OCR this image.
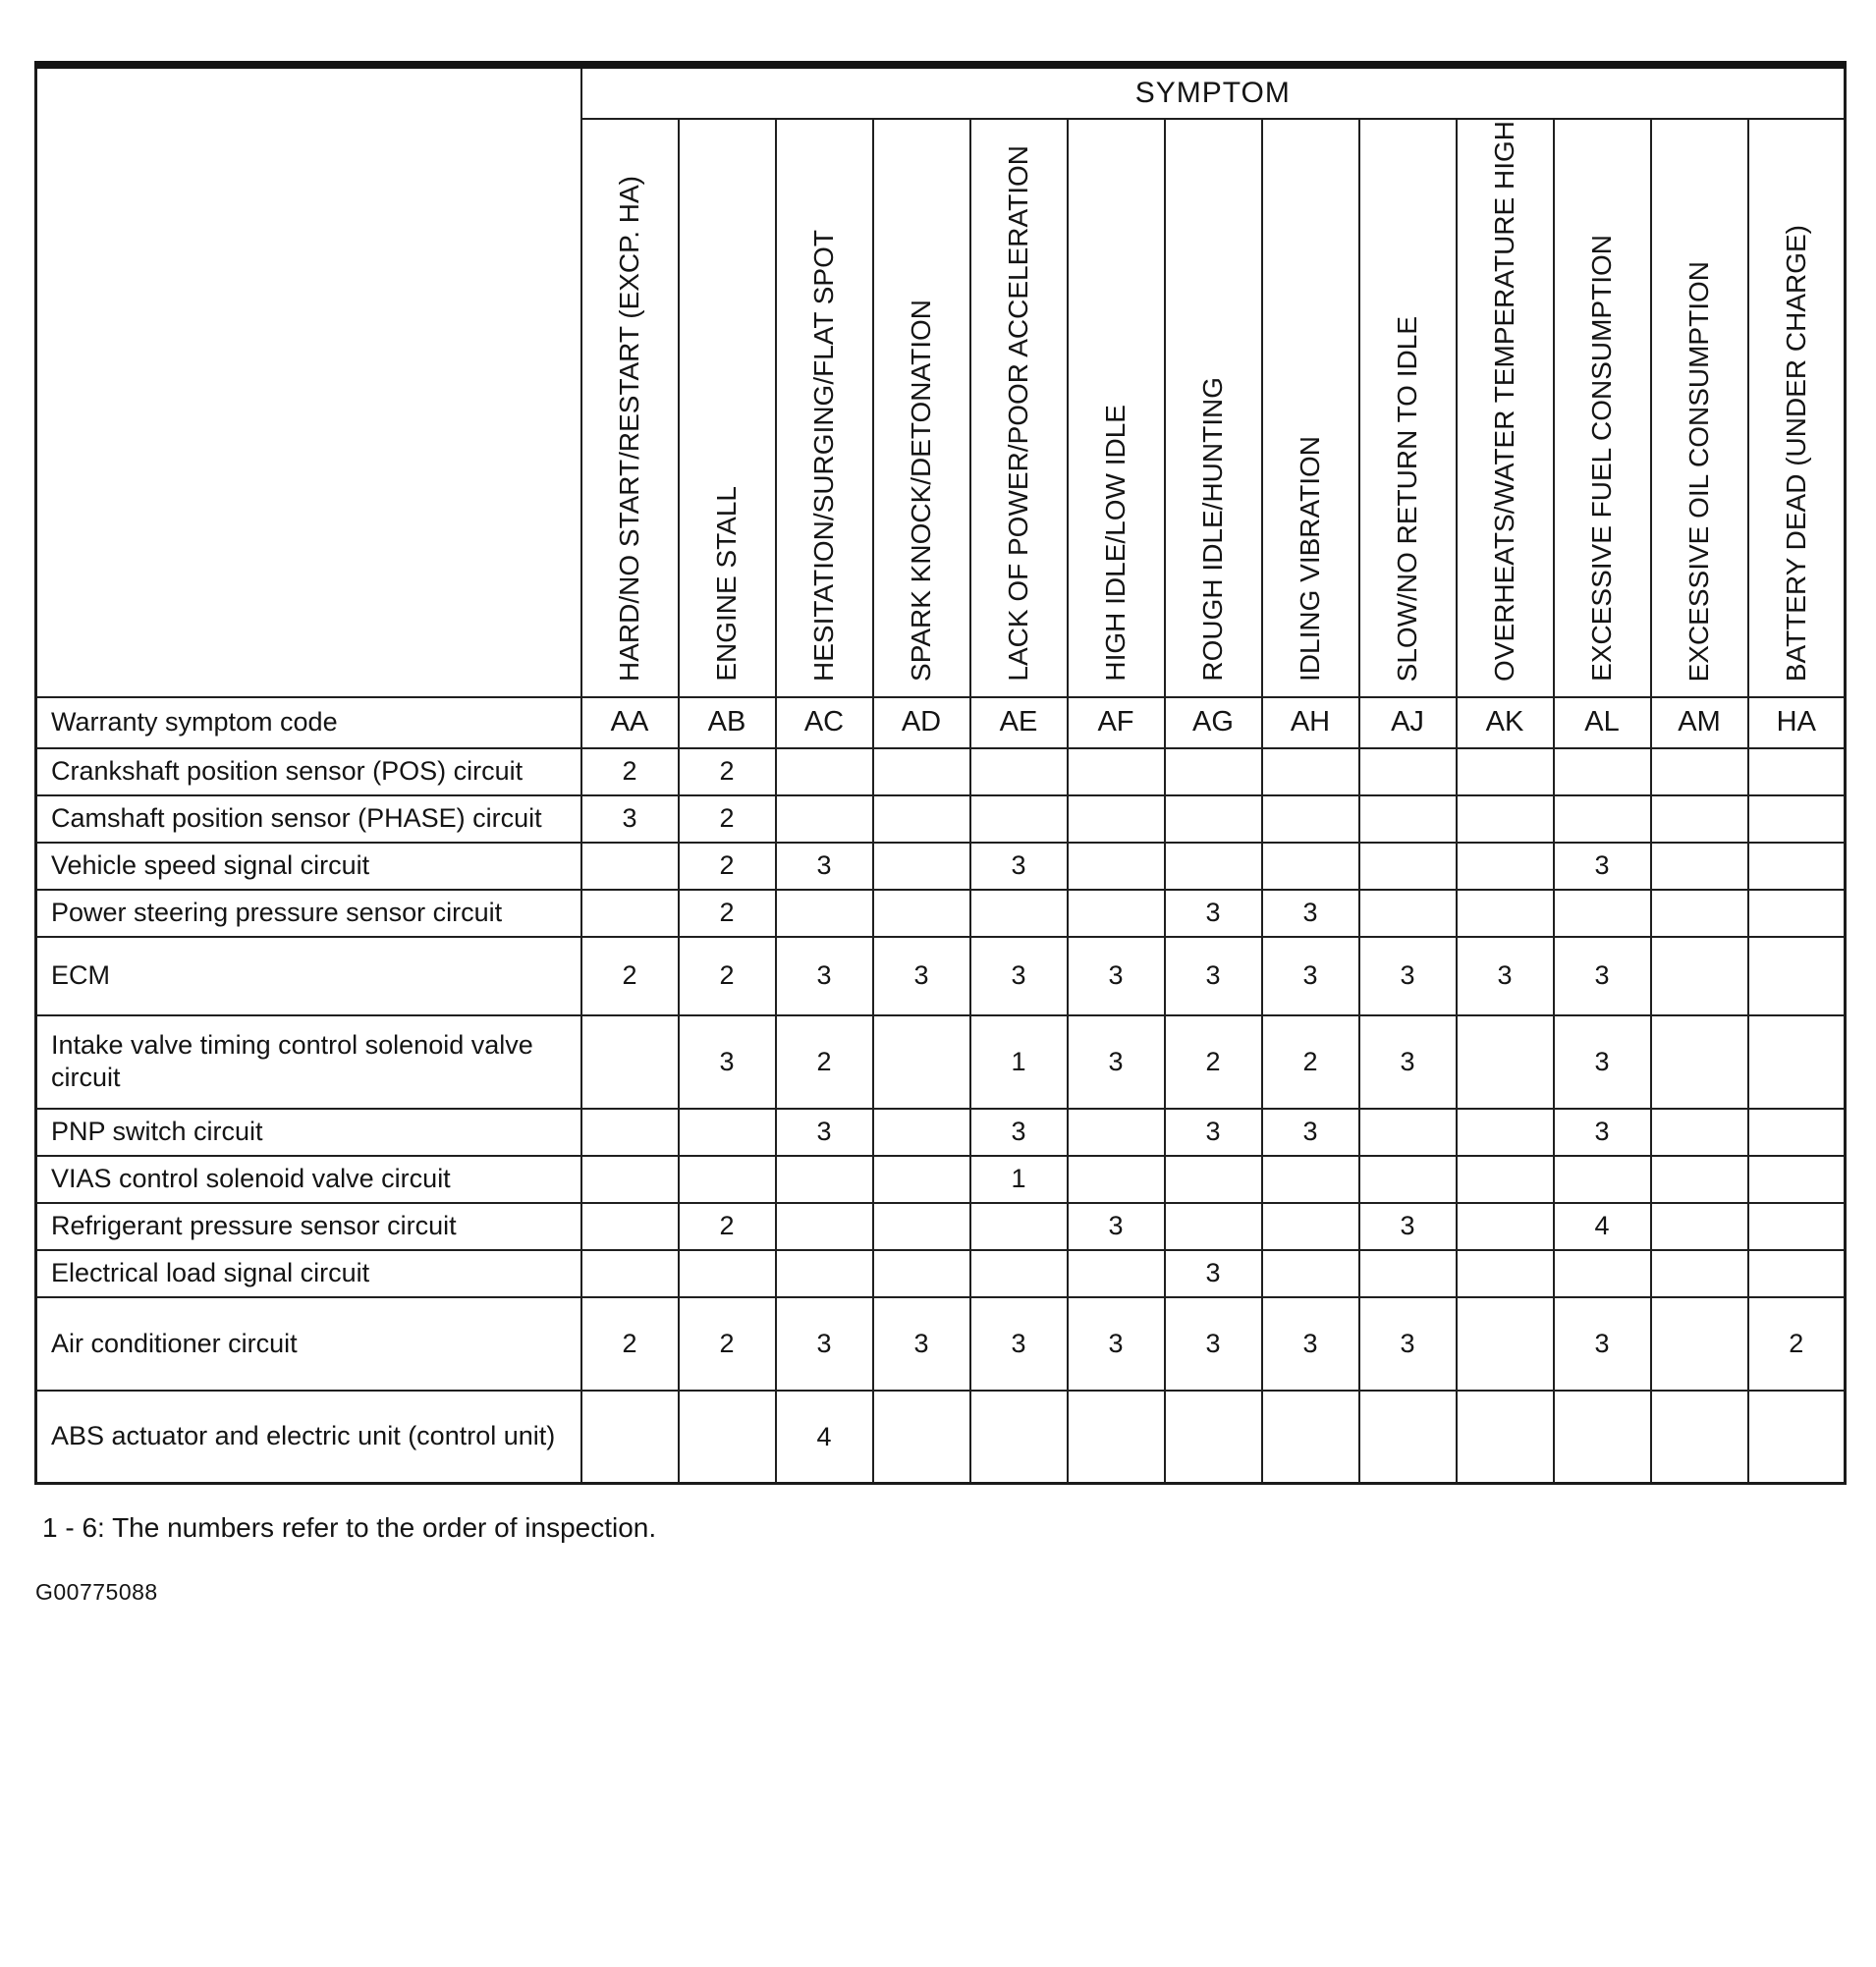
	SYMPTOM												

	HARD/NO START/RESTART (EXCP. HA)	ENGINE STALL	HESITATION/SURGING/FLAT SPOT	SPARK KNOCK/DETONATION	LACK OF POWER/POOR ACCELERATION	HIGH IDLE/LOW IDLE	ROUGH IDLE/HUNTING	IDLING VIBRATION	SLOW/NO RETURN TO IDLE	OVERHEATS/WATER TEMPERATURE HIGH	EXCESSIVE FUEL CONSUMPTION	EXCESSIVE OIL CONSUMPTION	BATTERY DEAD (UNDER CHARGE)

Warranty symptom code	AA	AB	AC	AD	AE	AF	AG	AH	AJ	AK	AL	AM	HA
Crankshaft position sensor (POS) circuit	2	2											
Camshaft position sensor (PHASE) circuit	3	2											
Vehicle speed signal circuit		2	3		3						3		
Power steering pressure sensor circuit		2					3	3					
ECM	2	2	3	3	3	3	3	3	3	3	3		
Intake valve timing control solenoid valve circuit		3	2		1	3	2	2	3		3		
PNP switch circuit			3		3		3	3			3		
VIAS control solenoid valve circuit					1								
Refrigerant pressure sensor circuit		2				3			3		4		
Electrical load signal circuit							3						
Air conditioner circuit	2	2	3	3	3	3	3	3	3		3		2
ABS actuator and electric unit (control unit)			4										
1 - 6: The numbers refer to the order of inspection.
G00775088
